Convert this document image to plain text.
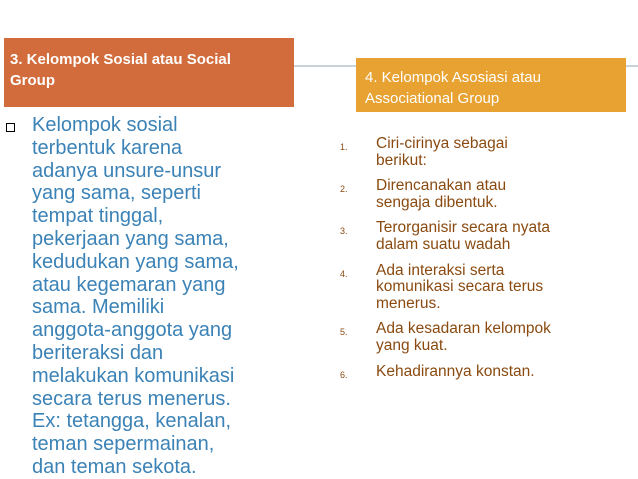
3. Kelompok Sosial atau Social
Group	4. Kelompok Asosiasi atau
Associational Group
Kelompok sosial
terbentuk karena
adanya unsure-unsur
yang sama, seperti
tempat tinggal,
pekerjaan yang sama,
kedudukan yang sama,
atau kegemaran yang
sama. Memiliki
anggota-anggota yang
beriteraksi dan
melakukan komunikasi
secara terus menerus.
Ex: tetangga, kenalan,
teman sepermainan,
dan teman sekota.
1. Ciri-cirinya sebagai
berikut:
2. Direncanakan atau
sengaja dibentuk.
3. Terorganisir secara nyata
dalam suatu wadah
4. Ada interaksi serta
komunikasi secara terus
menerus.
5. Ada kesadaran kelompok
yang kuat.
6. Kehadirannya konstan.
